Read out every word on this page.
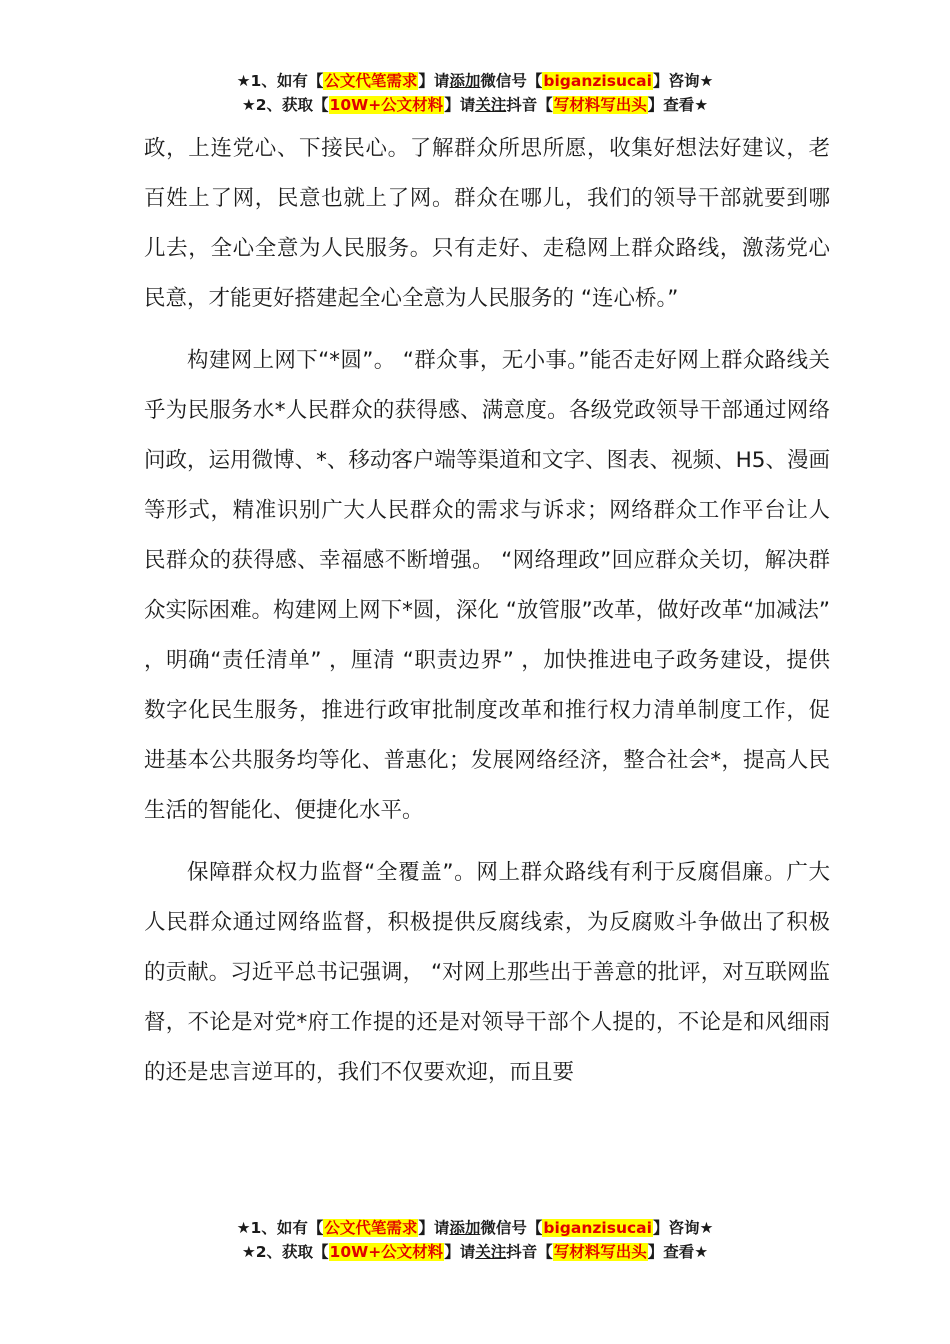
★1、如有【公文代笔需求】请添加微信号【biganzisucai】咨询★
★2、获取【10W+公文材料】请关注抖音【写材料写出头】查看★

政，上连党心、下接民心。了解群众所思所愿，收集好想法好建议，老百姓上了网，民意也就上了网。群众在哪儿，我们的领导干部就要到哪儿去，全心全意为人民服务。只有走好、走稳网上群众路线，激荡党心民意，才能更好搭建起全心全意为人民服务的 “连心桥。”

构建网上网下“*圆”。 “群众事，无小事。”能否走好网上群众路线关乎为民服务水*人民群众的获得感、满意度。各级党政领导干部通过网络问政，运用微博、*、移动客户端等渠道和文字、图表、视频、H5、漫画等形式，精准识别广大人民群众的需求与诉求；网络群众工作平台让人民群众的获得感、幸福感不断增强。 “网络理政”回应群众关切，解决群众实际困难。构建网上网下*圆，深化 “放管服”改革，做好改革“加减法” ，明确“责任清单” ，厘清 “职责边界” ，加快推进电子政务建设，提供数字化民生服务，推进行政审批制度改革和推行权力清单制度工作，促进基本公共服务均等化、普惠化；发展网络经济，整合社会*，提高人民生活的智能化、便捷化水平。

保障群众权力监督“全覆盖”。网上群众路线有利于反腐倡廉。广大人民群众通过网络监督，积极提供反腐线索，为反腐败斗争做出了积极的贡献。习近平总书记强调， “对网上那些出于善意的批评，对互联网监督，不论是对党*府工作提的还是对领导干部个人提的，不论是和风细雨的还是忠言逆耳的，我们不仅要欢迎，而且要

★1、如有【公文代笔需求】请添加微信号【biganzisucai】咨询★
★2、获取【10W+公文材料】请关注抖音【写材料写出头】查看★
